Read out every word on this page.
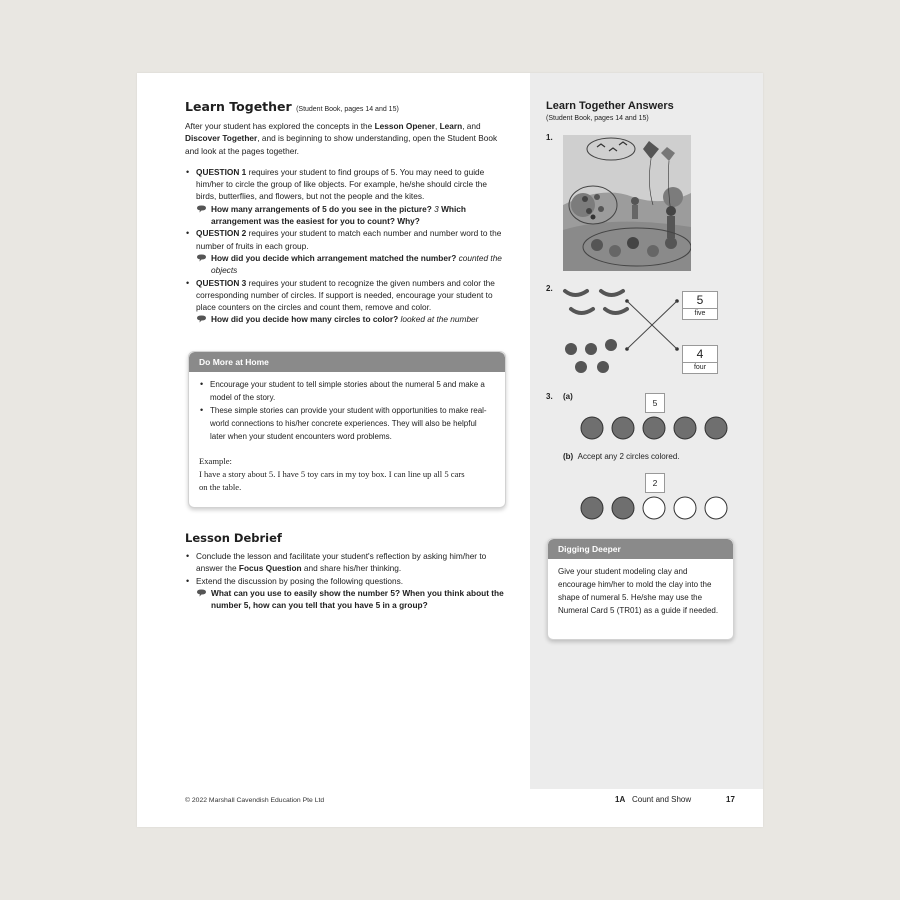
Learn Together (Student Book, pages 14 and 15)

After your student has explored the concepts in the Lesson Opener, Learn, and Discover Together, and is beginning to show understanding, open the Student Book and look at the pages together.

• QUESTION 1 requires your student to find groups of 5. You may need to guide him/her to circle the group of like objects. For example, he/she should circle the birds, butterflies, and flowers, but not the people and the kites.
How many arrangements of 5 do you see in the picture? 3 Which arrangement was the easiest for you to count? Why?
• QUESTION 2 requires your student to match each number and number word to the number of fruits in each group.
How did you decide which arrangement matched the number? counted the objects
• QUESTION 3 requires your student to recognize the given numbers and color the corresponding number of circles. If support is needed, encourage your student to place counters on the circles and count them, remove and color.
How did you decide how many circles to color? looked at the number
Do More at Home
• Encourage your student to tell simple stories about the numeral 5 and make a model of the story.
• These simple stories can provide your student with opportunities to make real-world connections to his/her concrete experiences. They will also be helpful later when your student encounters word problems.
Example:
I have a story about 5. I have 5 toy cars in my toy box. I can line up all 5 cars on the table.
Lesson Debrief
• Conclude the lesson and facilitate your student's reflection by asking him/her to answer the Focus Question and share his/her thinking.
• Extend the discussion by posing the following questions.
What can you use to easily show the number 5? When you think about the number 5, how can you tell that you have 5 in a group?
Learn Together Answers
(Student Book, pages 14 and 15)
1.
2.
5
five
4
four
3. (a)
5
(b) Accept any 2 circles colored.
2
Digging Deeper
Give your student modeling clay and encourage him/her to mold the clay into the shape of numeral 5. He/she may use the Numeral Card 5 (TR01) as a guide if needed.
© 2022 Marshall Cavendish Education Pte Ltd	1A Count and Show	17
